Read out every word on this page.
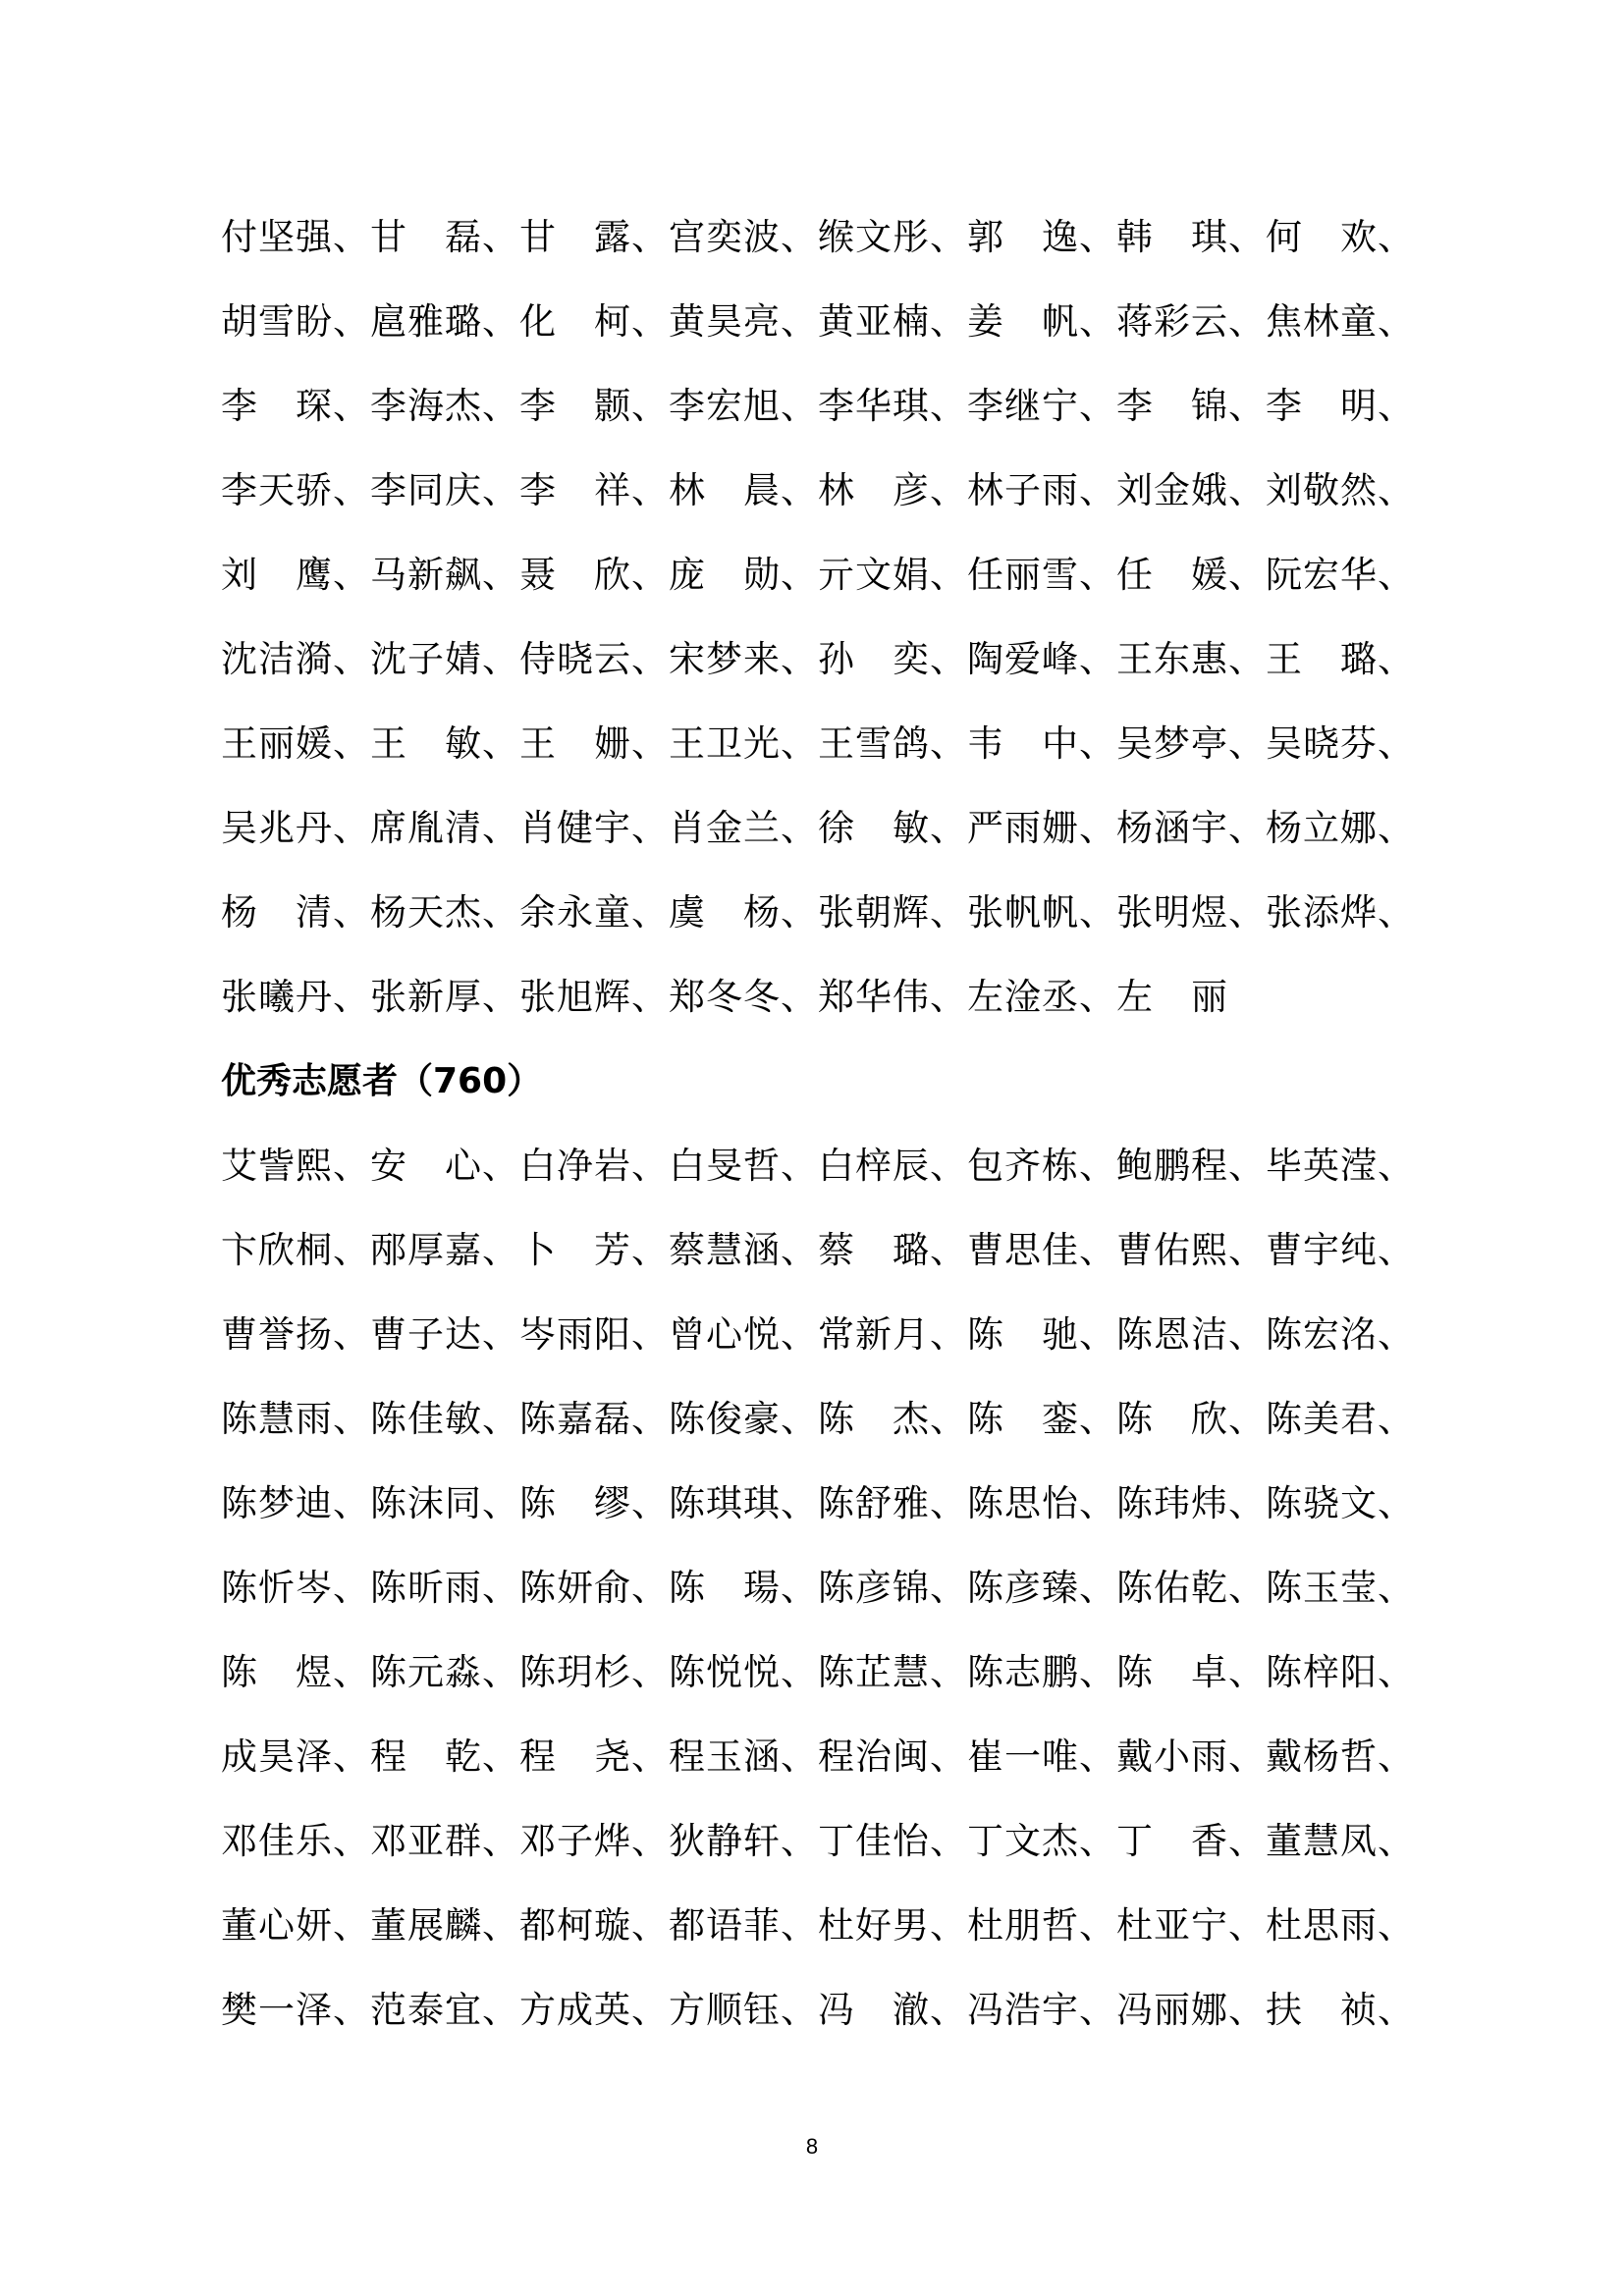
付坚强、甘　磊、甘　露、宫奕波、缑文彤、郭　逸、韩　琪、何　欢、
胡雪盼、扈雅璐、化　柯、黄昊亮、黄亚楠、姜　帆、蒋彩云、焦林童、
李　琛、李海杰、李　颢、李宏旭、李华琪、李继宁、李　锦、李　明、
李天骄、李同庆、李　祥、林　晨、林　彦、林子雨、刘金娥、刘敬然、
刘　鹰、马新飙、聂　欣、庞　勋、亓文娟、任丽雪、任　媛、阮宏华、
沈洁漪、沈子婧、侍晓云、宋梦来、孙　奕、陶爱峰、王东惠、王　璐、
王丽媛、王　敏、王　姗、王卫光、王雪鸽、韦　中、吴梦亭、吴晓芬、
吴兆丹、席胤清、肖健宇、肖金兰、徐　敏、严雨姗、杨涵宇、杨立娜、
杨　清、杨天杰、余永童、虞　杨、张朝辉、张帆帆、张明煜、张添烨、
张曦丹、张新厚、张旭辉、郑冬冬、郑华伟、左淦丞、左　丽
优秀志愿者（760）
艾訾熙、安　心、白净岩、白旻哲、白梓辰、包齐栋、鲍鹏程、毕英滢、
卞欣桐、邴厚嘉、卜　芳、蔡慧涵、蔡　璐、曹思佳、曹佑熙、曹宇纯、
曹誉扬、曹子达、岑雨阳、曾心悦、常新月、陈　驰、陈恩洁、陈宏洺、
陈慧雨、陈佳敏、陈嘉磊、陈俊豪、陈　杰、陈　銮、陈　欣、陈美君、
陈梦迪、陈沫同、陈　缪、陈琪琪、陈舒雅、陈思怡、陈玮炜、陈骁文、
陈忻岑、陈昕雨、陈妍俞、陈　瑒、陈彦锦、陈彦臻、陈佑乾、陈玉莹、
陈　煜、陈元淼、陈玥杉、陈悦悦、陈芷慧、陈志鹏、陈　卓、陈梓阳、
成昊泽、程　乾、程　尧、程玉涵、程治闽、崔一唯、戴小雨、戴杨哲、
邓佳乐、邓亚群、邓子烨、狄静轩、丁佳怡、丁文杰、丁　香、董慧凤、
董心妍、董展麟、都柯璇、都语菲、杜好男、杜朋哲、杜亚宁、杜思雨、
樊一泽、范泰宜、方成英、方顺钰、冯　澈、冯浩宇、冯丽娜、扶　祯、
8
